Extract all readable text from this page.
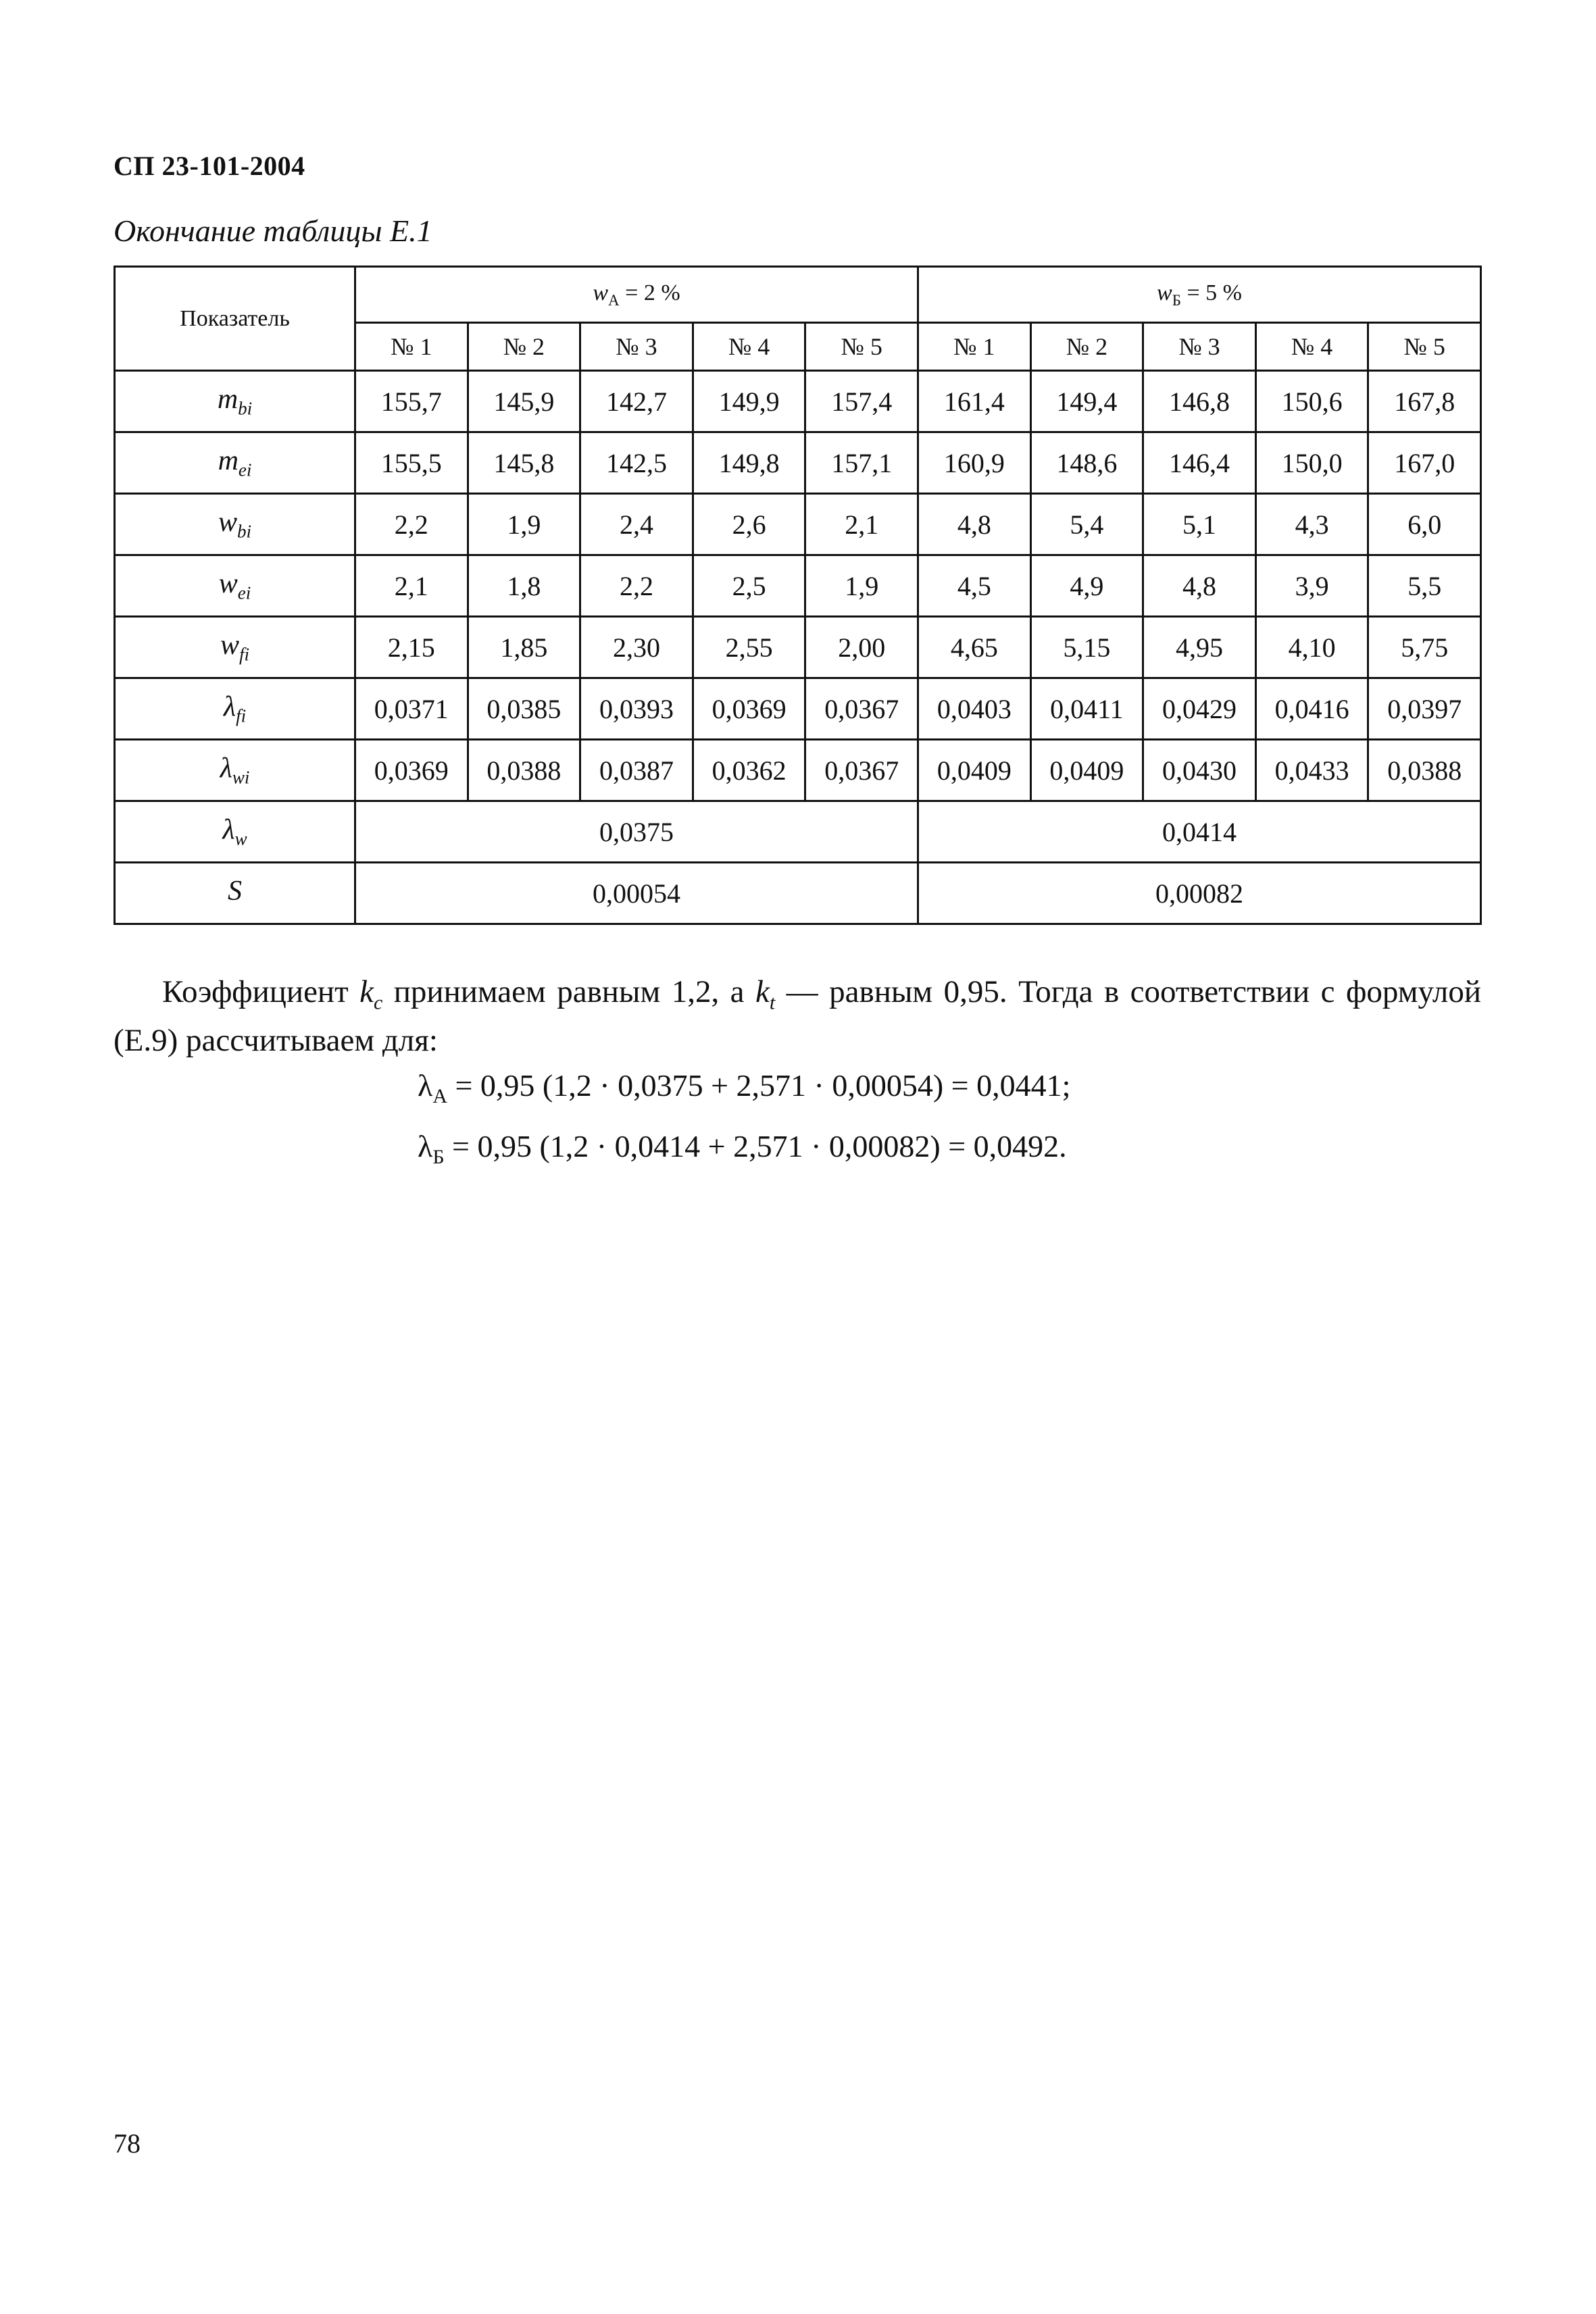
СП 23-101-2004
Окончание таблицы Е.1
Показатель	$w_А = 2$ %					$w_Б = 5$ %				
	№ 1	№ 2	№ 3	№ 4	№ 5	№ 1	№ 2	№ 3	№ 4	№ 5
$m_{bi}$	155,7	145,9	142,7	149,9	157,4	161,4	149,4	146,8	150,6	167,8
$m_{ei}$	155,5	145,8	142,5	149,8	157,1	160,9	148,6	146,4	150,0	167,0
$w_{bi}$	2,2	1,9	2,4	2,6	2,1	4,8	5,4	5,1	4,3	6,0
$w_{ei}$	2,1	1,8	2,2	2,5	1,9	4,5	4,9	4,8	3,9	5,5
$w_{fi}$	2,15	1,85	2,30	2,55	2,00	4,65	5,15	4,95	4,10	5,75
$\lambda_{fi}$	0,0371	0,0385	0,0393	0,0369	0,0367	0,0403	0,0411	0,0429	0,0416	0,0397
$\lambda_{wi}$	0,0369	0,0388	0,0387	0,0362	0,0367	0,0409	0,0409	0,0430	0,0433	0,0388
$\lambda_w$	0,0375					0,0414				
S	0,00054					0,00082				
Коэффициент $k_c$ принимаем равным 1,2, а $k_t$ — равным 0,95. Тогда в соответствии с формулой (Е.9) рассчитываем для:
$\lambda_А = 0,95$ (1,2 · 0,0375 + 2,571 · 0,00054) = 0,0441;
$\lambda_Б = 0,95$ (1,2 · 0,0414 + 2,571 · 0,00082) = 0,0492.
78
